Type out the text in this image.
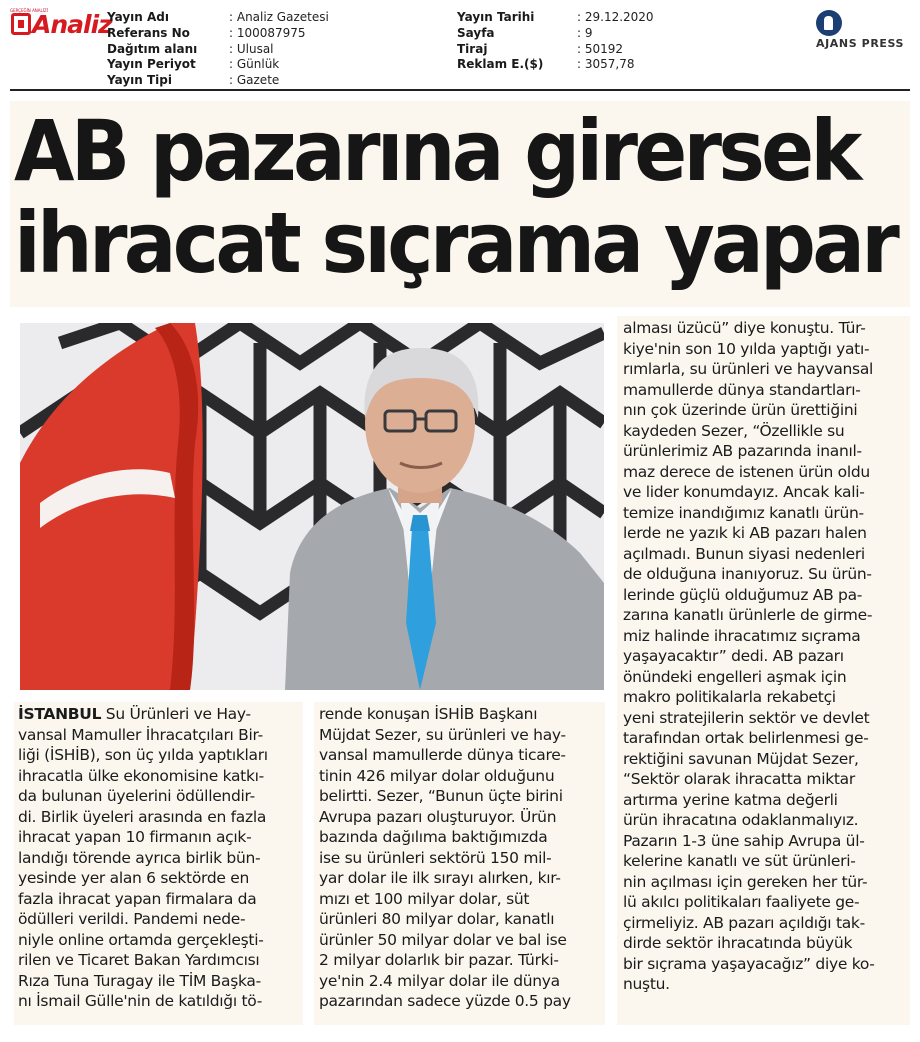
GERÇEĞİN ANALİZİ
Analiz
Yayın Adı	: Analiz Gazetesi
Referans No	: 100087975
Dağıtım alanı	: Ulusal
Yayın Periyot	: Günlük
Yayın Tipi	: Gazete
Yayın Tarihi	: 29.12.2020
Sayfa	: 9
Tiraj	: 50192
Reklam E.($)	: 3057,78
AJANS PRESS
AB pazarına girersek
ihracat sıçrama yapar
İSTANBUL Su Ürünleri ve Hay-
vansal Mamuller İhracatçıları Bir-
liği (İSHİB), son üç yılda yaptıkları
ihracatla ülke ekonomisine katkı-
da bulunan üyelerini ödüllendir-
di. Birlik üyeleri arasında en fazla
ihracat yapan 10 firmanın açık-
landığı törende ayrıca birlik bün-
yesinde yer alan 6 sektörde en
fazla ihracat yapan firmalara da
ödülleri verildi. Pandemi nede-
niyle online ortamda gerçekleşti-
rilen ve Ticaret Bakan Yardımcısı
Rıza Tuna Turagay ile TİM Başka-
nı İsmail Gülle'nin de katıldığı tö-
rende konuşan İSHİB Başkanı
Müjdat Sezer, su ürünleri ve hay-
vansal mamullerde dünya ticare-
tinin 426 milyar dolar olduğunu
belirtti. Sezer, “Bunun üçte birini
Avrupa pazarı oluşturuyor. Ürün
bazında dağılıma baktığımızda
ise su ürünleri sektörü 150 mil-
yar dolar ile ilk sırayı alırken, kır-
mızı et 100 milyar dolar, süt
ürünleri 80 milyar dolar, kanatlı
ürünler 50 milyar dolar ve bal ise
2 milyar dolarlık bir pazar. Türki-
ye'nin 2.4 milyar dolar ile dünya
pazarından sadece yüzde 0.5 pay
alması üzücü” diye konuştu. Tür-
kiye'nin son 10 yılda yaptığı yatı-
rımlarla, su ürünleri ve hayvansal
mamullerde dünya standartları-
nın çok üzerinde ürün ürettiğini
kaydeden Sezer, “Özellikle su
ürünlerimiz AB pazarında inanıl-
maz derece de istenen ürün oldu
ve lider konumdayız. Ancak kali-
temize inandığımız kanatlı ürün-
lerde ne yazık ki AB pazarı halen
açılmadı. Bunun siyasi nedenleri
de olduğuna inanıyoruz. Su ürün-
lerinde güçlü olduğumuz AB pa-
zarına kanatlı ürünlerle de girme-
miz halinde ihracatımız sıçrama
yaşayacaktır” dedi. AB pazarı
önündeki engelleri aşmak için
makro politikalarla rekabetçi
yeni stratejilerin sektör ve devlet
tarafından ortak belirlenmesi ge-
rektiğini savunan Müjdat Sezer,
“Sektör olarak ihracatta miktar
artırma yerine katma değerli
ürün ihracatına odaklanmalıyız.
Pazarın 1-3 üne sahip Avrupa ül-
kelerine kanatlı ve süt ürünleri-
nin açılması için gereken her tür-
lü akılcı politikaları faaliyete ge-
çirmeliyiz. AB pazarı açıldığı tak-
dirde sektör ihracatında büyük
bir sıçrama yaşayacağız” diye ko-
nuştu.
